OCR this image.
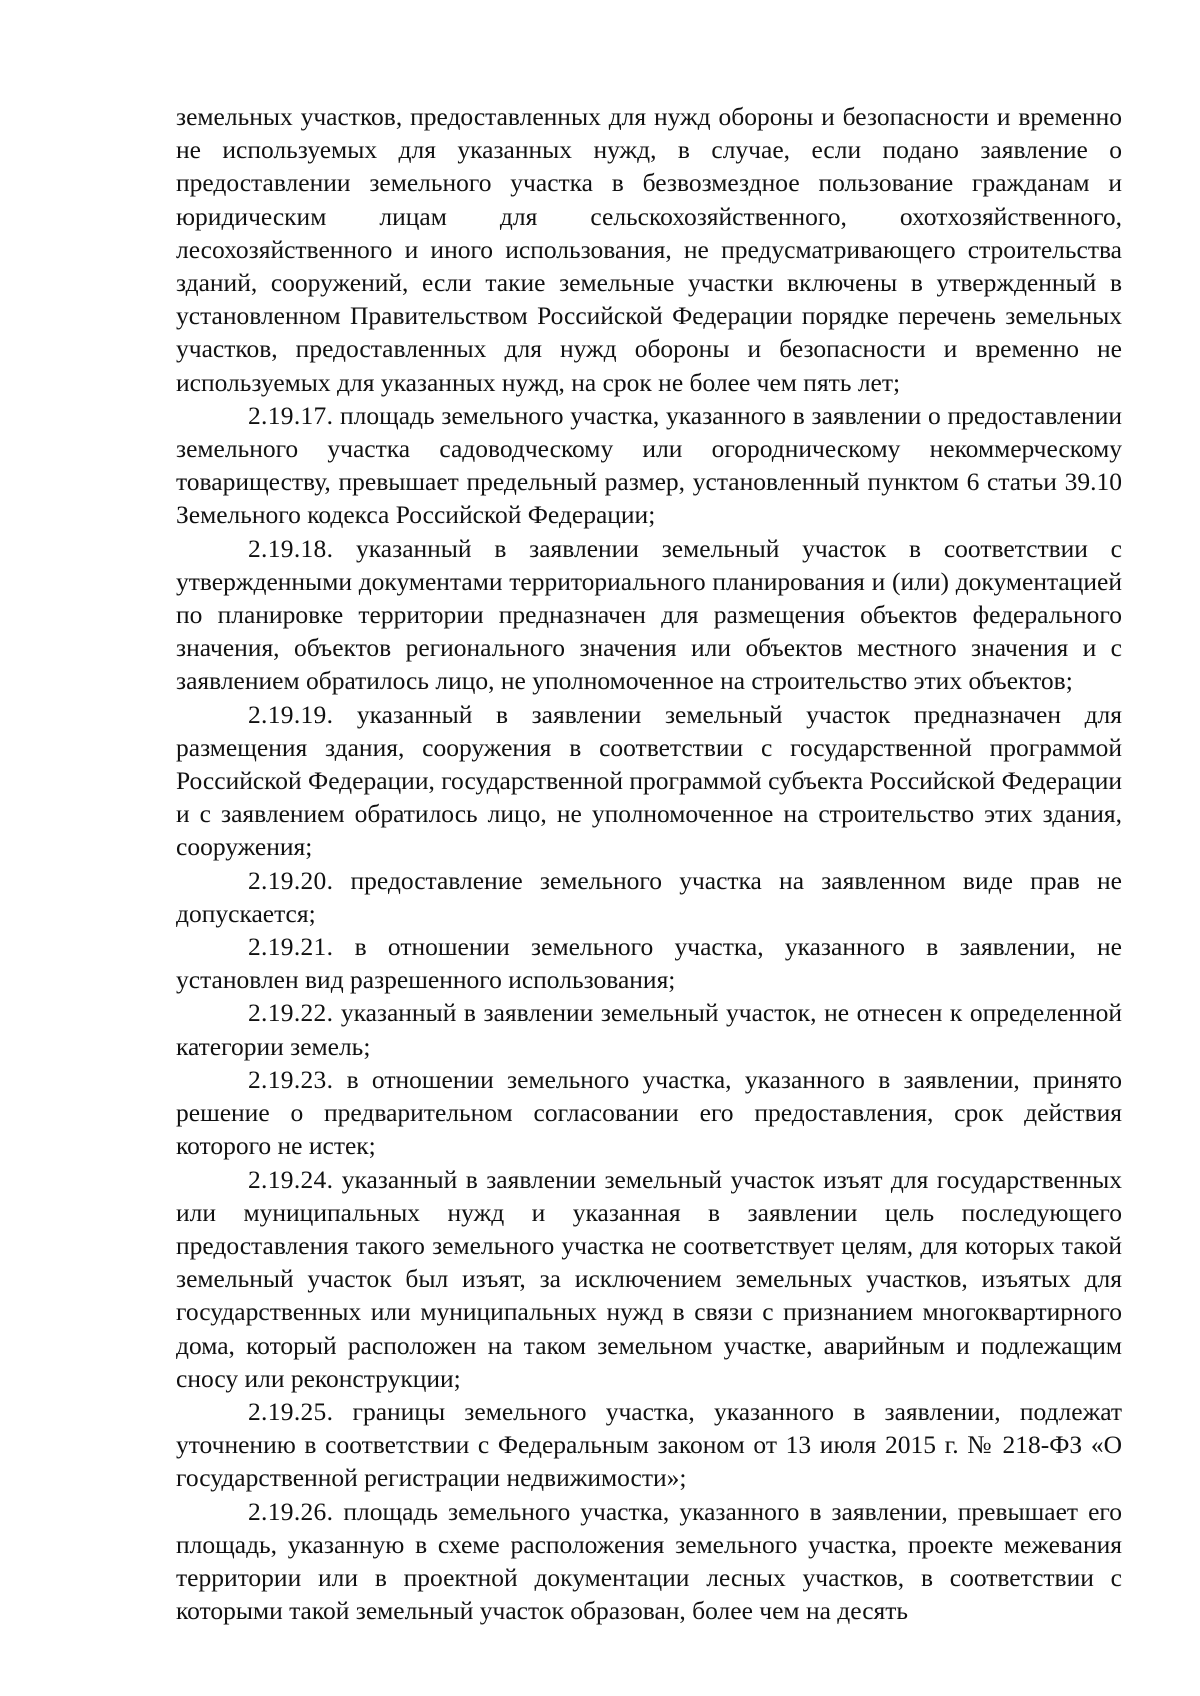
земельных участков, предоставленных для нужд обороны и безопасности и временно не используемых для указанных нужд, в случае, если подано заявление о предоставлении земельного участка в безвозмездное пользование гражданам и юридическим лицам для сельскохозяйственного, охотхозяйственного, лесохозяйственного и иного использования, не предусматривающего строительства зданий, сооружений, если такие земельные участки включены в утвержденный в установленном Правительством Российской Федерации порядке перечень земельных участков, предоставленных для нужд обороны и безопасности и временно не используемых для указанных нужд, на срок не более чем пять лет;

2.19.17. площадь земельного участка, указанного в заявлении о предоставлении земельного участка садоводческому или огородническому некоммерческому товариществу, превышает предельный размер, установленный пунктом 6 статьи 39.10 Земельного кодекса Российской Федерации;

2.19.18. указанный в заявлении земельный участок в соответствии с утвержденными документами территориального планирования и (или) документацией по планировке территории предназначен для размещения объектов федерального значения, объектов регионального значения или объектов местного значения и с заявлением обратилось лицо, не уполномоченное на строительство этих объектов;

2.19.19. указанный в заявлении земельный участок предназначен для размещения здания, сооружения в соответствии с государственной программой Российской Федерации, государственной программой субъекта Российской Федерации и с заявлением обратилось лицо, не уполномоченное на строительство этих здания, сооружения;

2.19.20. предоставление земельного участка на заявленном виде прав не допускается;

2.19.21. в отношении земельного участка, указанного в заявлении, не установлен вид разрешенного использования;

2.19.22. указанный в заявлении земельный участок, не отнесен к определенной категории земель;

2.19.23. в отношении земельного участка, указанного в заявлении, принято решение о предварительном согласовании его предоставления, срок действия которого не истек;

2.19.24. указанный в заявлении земельный участок изъят для государственных или муниципальных нужд и указанная в заявлении цель последующего предоставления такого земельного участка не соответствует целям, для которых такой земельный участок был изъят, за исключением земельных участков, изъятых для государственных или муниципальных нужд в связи с признанием многоквартирного дома, который расположен на таком земельном участке, аварийным и подлежащим сносу или реконструкции;

2.19.25. границы земельного участка, указанного в заявлении, подлежат уточнению в соответствии с Федеральным законом от 13 июля 2015 г. № 218-ФЗ «О государственной регистрации недвижимости»;

2.19.26. площадь земельного участка, указанного в заявлении, превышает его площадь, указанную в схеме расположения земельного участка, проекте межевания территории или в проектной документации лесных участков, в соответствии с которыми такой земельный участок образован, более чем на десять
